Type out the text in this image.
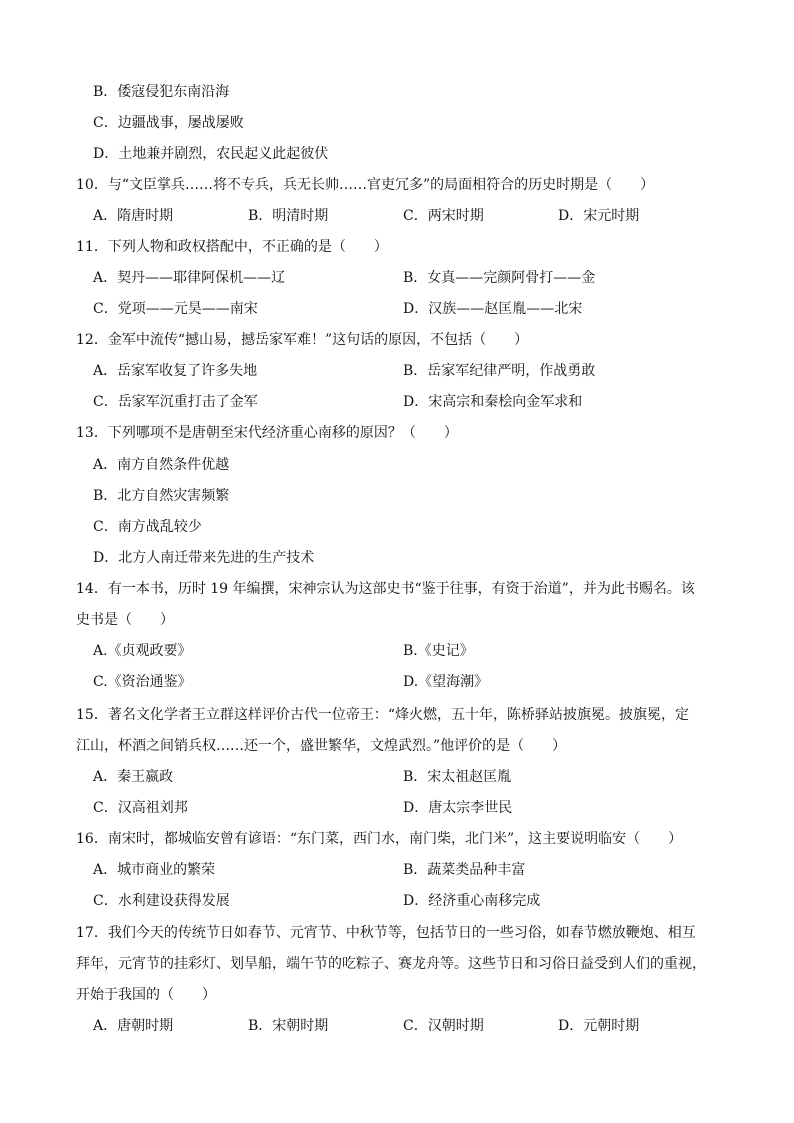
B．倭寇侵犯东南沿海
C．边疆战事，屡战屡败
D．土地兼并剧烈，农民起义此起彼伏
10．与“文臣掌兵……将不专兵，兵无长帅……官吏冗多”的局面相符合的历史时期是（　　）
A．隋唐时期	B．明清时期	C．两宋时期	D．宋元时期
11．下列人物和政权搭配中，不正确的是（　　）
A．契丹——耶律阿保机——辽	B．女真——完颜阿骨打——金
C．党项——元昊——南宋	D．汉族——赵匡胤——北宋
12．金军中流传“撼山易，撼岳家军难！”这句话的原因，不包括（　　）
A．岳家军收复了许多失地	B．岳家军纪律严明，作战勇敢
C．岳家军沉重打击了金军	D．宋高宗和秦桧向金军求和
13．下列哪项不是唐朝至宋代经济重心南移的原因？（　　）
A．南方自然条件优越
B．北方自然灾害频繁
C．南方战乱较少
D．北方人南迁带来先进的生产技术
14．有一本书，历时 19 年编撰，宋神宗认为这部史书“鉴于往事，有资于治道”，并为此书赐名。该
史书是（　　）
A.《贞观政要》	B.《史记》
C.《资治通鉴》	D.《望海潮》
15．著名文化学者王立群这样评价古代一位帝王：“烽火燃，五十年，陈桥驿站披旗冕。披旗冕，定
江山，杯酒之间销兵权……还一个，盛世繁华，文煌武烈。”他评价的是（　　）
A．秦王嬴政	B．宋太祖赵匡胤
C．汉高祖刘邦	D．唐太宗李世民
16．南宋时，都城临安曾有谚语：“东门菜，西门水，南门柴，北门米”，这主要说明临安（　　）
A．城市商业的繁荣	B．蔬菜类品种丰富
C．水利建设获得发展	D．经济重心南移完成
17．我们今天的传统节日如春节、元宵节、中秋节等，包括节日的一些习俗，如春节燃放鞭炮、相互
拜年，元宵节的挂彩灯、划旱船，端午节的吃粽子、赛龙舟等。这些节日和习俗日益受到人们的重视，
开始于我国的（　　）
A．唐朝时期	B．宋朝时期	C．汉朝时期	D．元朝时期
